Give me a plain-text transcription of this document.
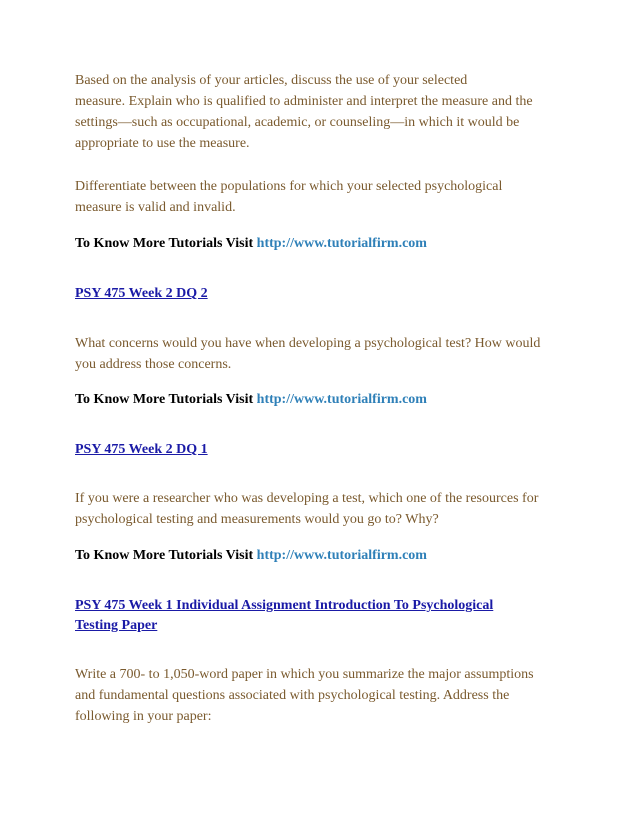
Based on the analysis of your articles, discuss the use of your selected
measure. Explain who is qualified to administer and interpret the measure and the
settings—such as occupational, academic, or counseling—in which it would be
appropriate to use the measure.

Differentiate between the populations for which your selected psychological
measure is valid and invalid.

To Know More Tutorials Visit http://www.tutorialfirm.com

PSY 475 Week 2 DQ 2

What concerns would you have when developing a psychological test? How would
you address those concerns.

To Know More Tutorials Visit http://www.tutorialfirm.com

PSY 475 Week 2 DQ 1

If you were a researcher who was developing a test, which one of the resources for
psychological testing and measurements would you go to? Why?

To Know More Tutorials Visit http://www.tutorialfirm.com

PSY 475 Week 1 Individual Assignment Introduction To Psychological
Testing Paper

Write a 700- to 1,050-word paper in which you summarize the major assumptions
and fundamental questions associated with psychological testing. Address the
following in your paper:
